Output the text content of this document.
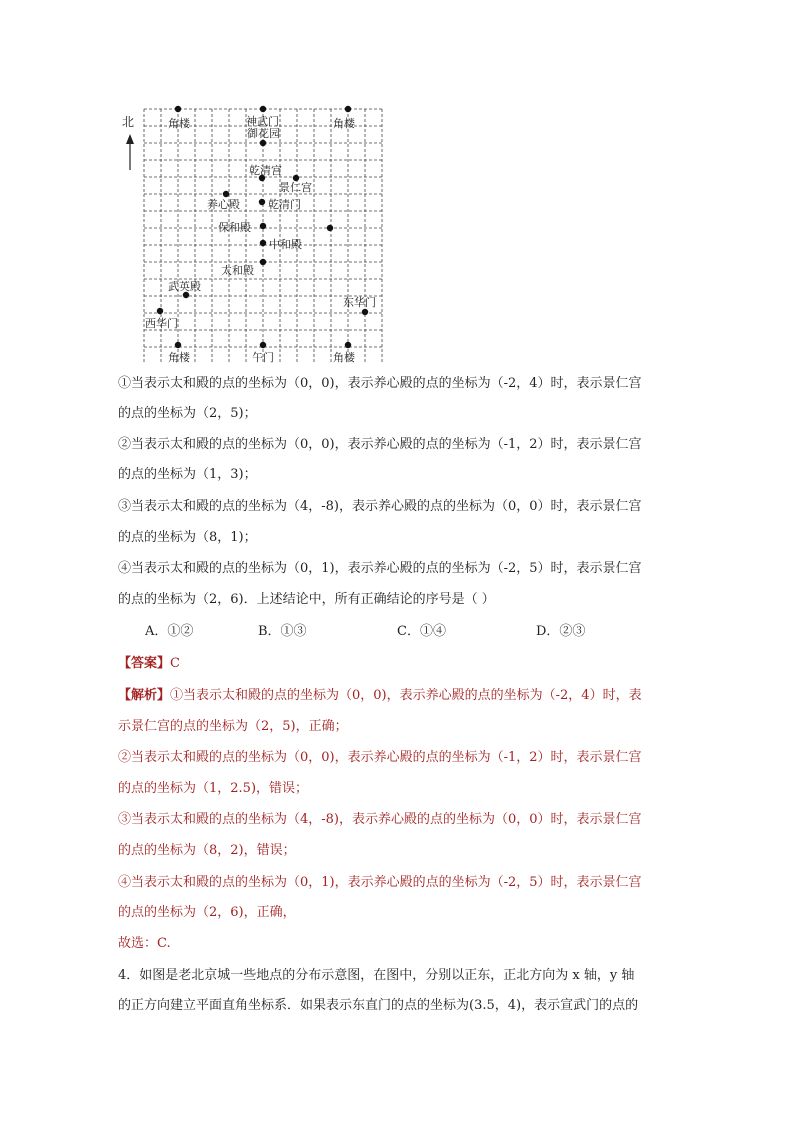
北	角楼	神武门	角楼
御花园
乾清宫
景仁宫
养心殿	乾清门
保和殿
中和殿
太和殿
武英殿
东华门
西华门
角楼	午门	角楼
①当表示太和殿的点的坐标为（0，0)，表示养心殿的点的坐标为（-2，4）时，表示景仁宫
的点的坐标为（2，5)；
②当表示太和殿的点的坐标为（0，0)，表示养心殿的点的坐标为（-1，2）时，表示景仁宫
的点的坐标为（1，3)；
③当表示太和殿的点的坐标为（4，-8)，表示养心殿的点的坐标为（0，0）时，表示景仁宫
的点的坐标为（8，1)；
④当表示太和殿的点的坐标为（0，1)，表示养心殿的点的坐标为（-2，5）时，表示景仁宫
的点的坐标为（2，6)．上述结论中，所有正确结论的序号是（ ）
A．①②	B．①③	C．①④	D．②③
【答案】C
【解析】①当表示太和殿的点的坐标为（0，0)，表示养心殿的点的坐标为（-2，4）时，表
示景仁宫的点的坐标为（2，5)，正确；
②当表示太和殿的点的坐标为（0，0)，表示养心殿的点的坐标为（-1，2）时，表示景仁宫
的点的坐标为（1，2.5)，错误；
③当表示太和殿的点的坐标为（4，-8)，表示养心殿的点的坐标为（0，0）时，表示景仁宫
的点的坐标为（8，2)，错误；
④当表示太和殿的点的坐标为（0，1)，表示养心殿的点的坐标为（-2，5）时，表示景仁宫
的点的坐标为（2，6)，正确，
故选：C.
4．如图是老北京城一些地点的分布示意图，在图中，分别以正东，正北方向为 x 轴，y 轴
的正方向建立平面直角坐标系．如果表示东直门的点的坐标为(3.5，4)，表示宣武门的点的
